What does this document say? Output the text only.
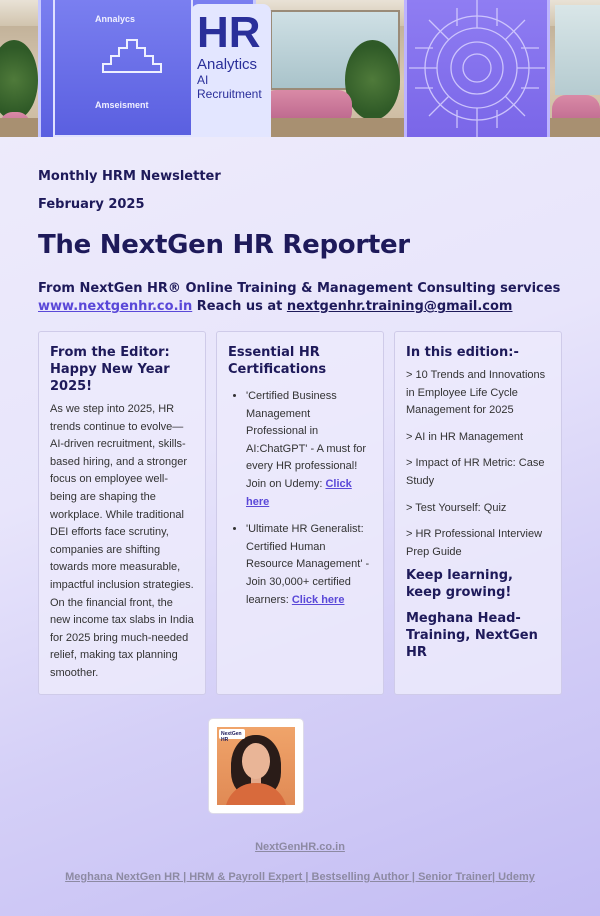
Annalycs
Amseisment
HR
Analytics
AI
Recruitment
Monthly HRM Newsletter
February 2025
The NextGen HR Reporter
From NextGen HR® Online Training & Management Consulting services
www.nextgenhr.co.in Reach us at nextgenhr.training@gmail.com
From the Editor: Happy New Year 2025!

As we step into 2025, HR trends continue to evolve—AI-driven recruitment, skills-based hiring, and a stronger focus on employee well-being are shaping the workplace. While traditional DEI efforts face scrutiny, companies are shifting towards more measurable, impactful inclusion strategies. On the financial front, the new income tax slabs in India for 2025 bring much-needed relief, making tax planning smoother.

Essential HR Certifications
• 'Certified Business Management Professional in AI:ChatGPT' - A must for every HR professional! Join on Udemy: Click here
• 'Ultimate HR Generalist: Certified Human Resource Management' - Join 30,000+ certified learners: Click here
In this edition:-
> 10 Trends and Innovations in Employee Life Cycle Management for 2025
> AI in HR Management
> Impact of HR Metric: Case Study
> Test Yourself: Quiz
> HR Professional Interview Prep Guide
Keep learning, keep growing!
Meghana Head-Training, NextGen HR
NextGen HR
NextGenHR.co.in
Meghana NextGen HR | HRM & Payroll Expert | Bestselling Author | Senior Trainer| Udemy
